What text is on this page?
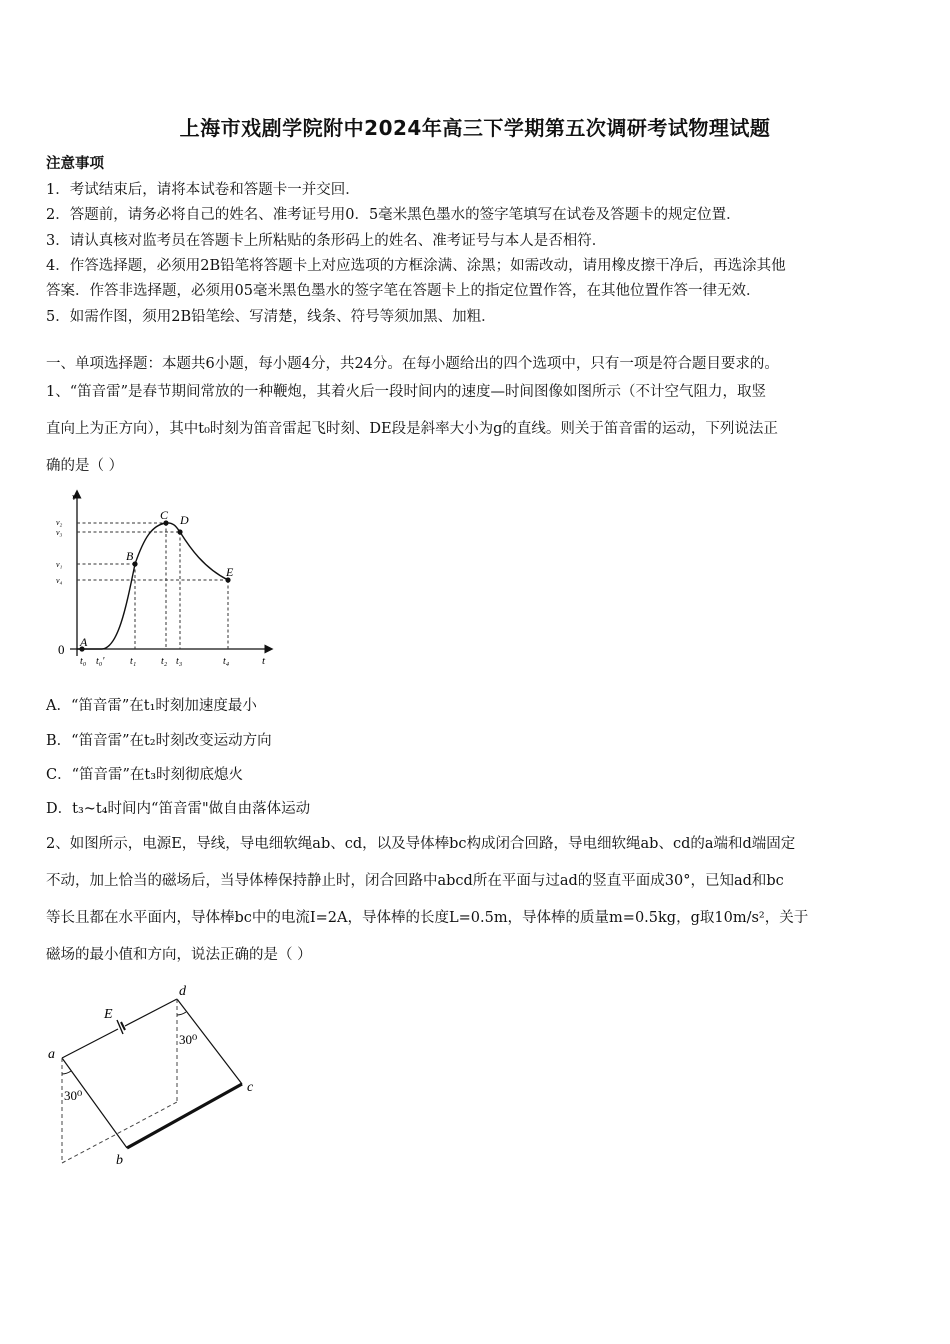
上海市戏剧学院附中2024年高三下学期第五次调研考试物理试题
注意事项
1．考试结束后，请将本试卷和答题卡一并交回．
2．答题前，请务必将自己的姓名、准考证号用0．5毫米黑色墨水的签字笔填写在试卷及答题卡的规定位置．
3．请认真核对监考员在答题卡上所粘贴的条形码上的姓名、准考证号与本人是否相符．
4．作答选择题，必须用2B铅笔将答题卡上对应选项的方框涂满、涂黑；如需改动，请用橡皮擦干净后，再选涂其他
答案．作答非选择题，必须用05毫米黑色墨水的签字笔在答题卡上的指定位置作答，在其他位置作答一律无效．
5．如需作图，须用2B铅笔绘、写清楚，线条、符号等须加黑、加粗．
一、单项选择题：本题共6小题，每小题4分，共24分。在每小题给出的四个选项中，只有一项是符合题目要求的。
1、“笛音雷”是春节期间常放的一种鞭炮，其着火后一段时间内的速度—时间图像如图所示（不计空气阻力，取竖
直向上为正方向），其中t₀时刻为笛音雷起飞时刻、DE段是斜率大小为g的直线。则关于笛音雷的运动，下列说法正
确的是（ ）
v
t
0 A
B
C D
E
v₂
v₃
v₁
v₄
t₀ t₀'	t₁ t₂ t₃	t₄
A．“笛音雷”在t₁时刻加速度最小
B．“笛音雷”在t₂时刻改变运动方向
C．“笛音雷”在t₃时刻彻底熄火
D．t₃~t₄时间内“笛音雷"做自由落体运动
2、如图所示，电源E，导线，导电细软绳ab、cd，以及导体棒bc构成闭合回路，导电细软绳ab、cd的a端和d端固定
不动，加上恰当的磁场后，当导体棒保持静止时，闭合回路中abcd所在平面与过ad的竖直平面成30°，已知ad和bc
等长且都在水平面内，导体棒bc中的电流I=2A，导体棒的长度L=0.5m，导体棒的质量m=0.5kg，g取10m/s²，关于
磁场的最小值和方向，说法正确的是（ ）
a
b
c
d
E
30⁰
30⁰
